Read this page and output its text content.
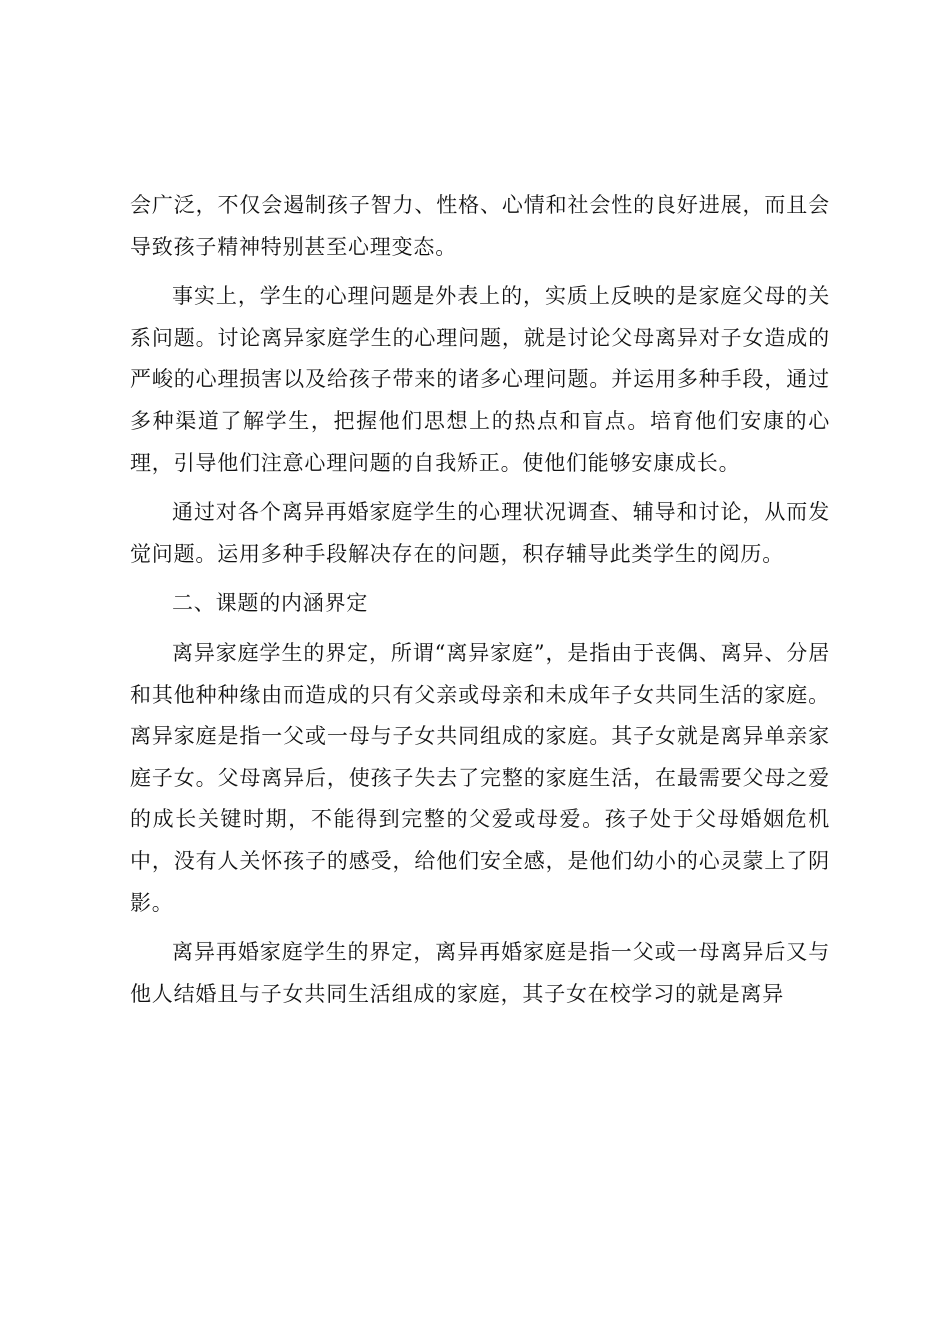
会广泛，不仅会遏制孩子智力、性格、心情和社会性的良好进展，而且会导致孩子精神特别甚至心理变态。

事实上，学生的心理问题是外表上的，实质上反映的是家庭父母的关系问题。讨论离异家庭学生的心理问题，就是讨论父母离异对子女造成的严峻的心理损害以及给孩子带来的诸多心理问题。并运用多种手段，通过多种渠道了解学生，把握他们思想上的热点和盲点。培育他们安康的心理，引导他们注意心理问题的自我矫正。使他们能够安康成长。

通过对各个离异再婚家庭学生的心理状况调查、辅导和讨论，从而发觉问题。运用多种手段解决存在的问题，积存辅导此类学生的阅历。

二、课题的内涵界定

离异家庭学生的界定，所谓“离异家庭”，是指由于丧偶、离异、分居和其他种种缘由而造成的只有父亲或母亲和未成年子女共同生活的家庭。离异家庭是指一父或一母与子女共同组成的家庭。其子女就是离异单亲家庭子女。父母离异后，使孩子失去了完整的家庭生活，在最需要父母之爱的成长关键时期，不能得到完整的父爱或母爱。孩子处于父母婚姻危机中，没有人关怀孩子的感受，给他们安全感，是他们幼小的心灵蒙上了阴影。

离异再婚家庭学生的界定，离异再婚家庭是指一父或一母离异后又与他人结婚且与子女共同生活组成的家庭，其子女在校学习的就是离异
